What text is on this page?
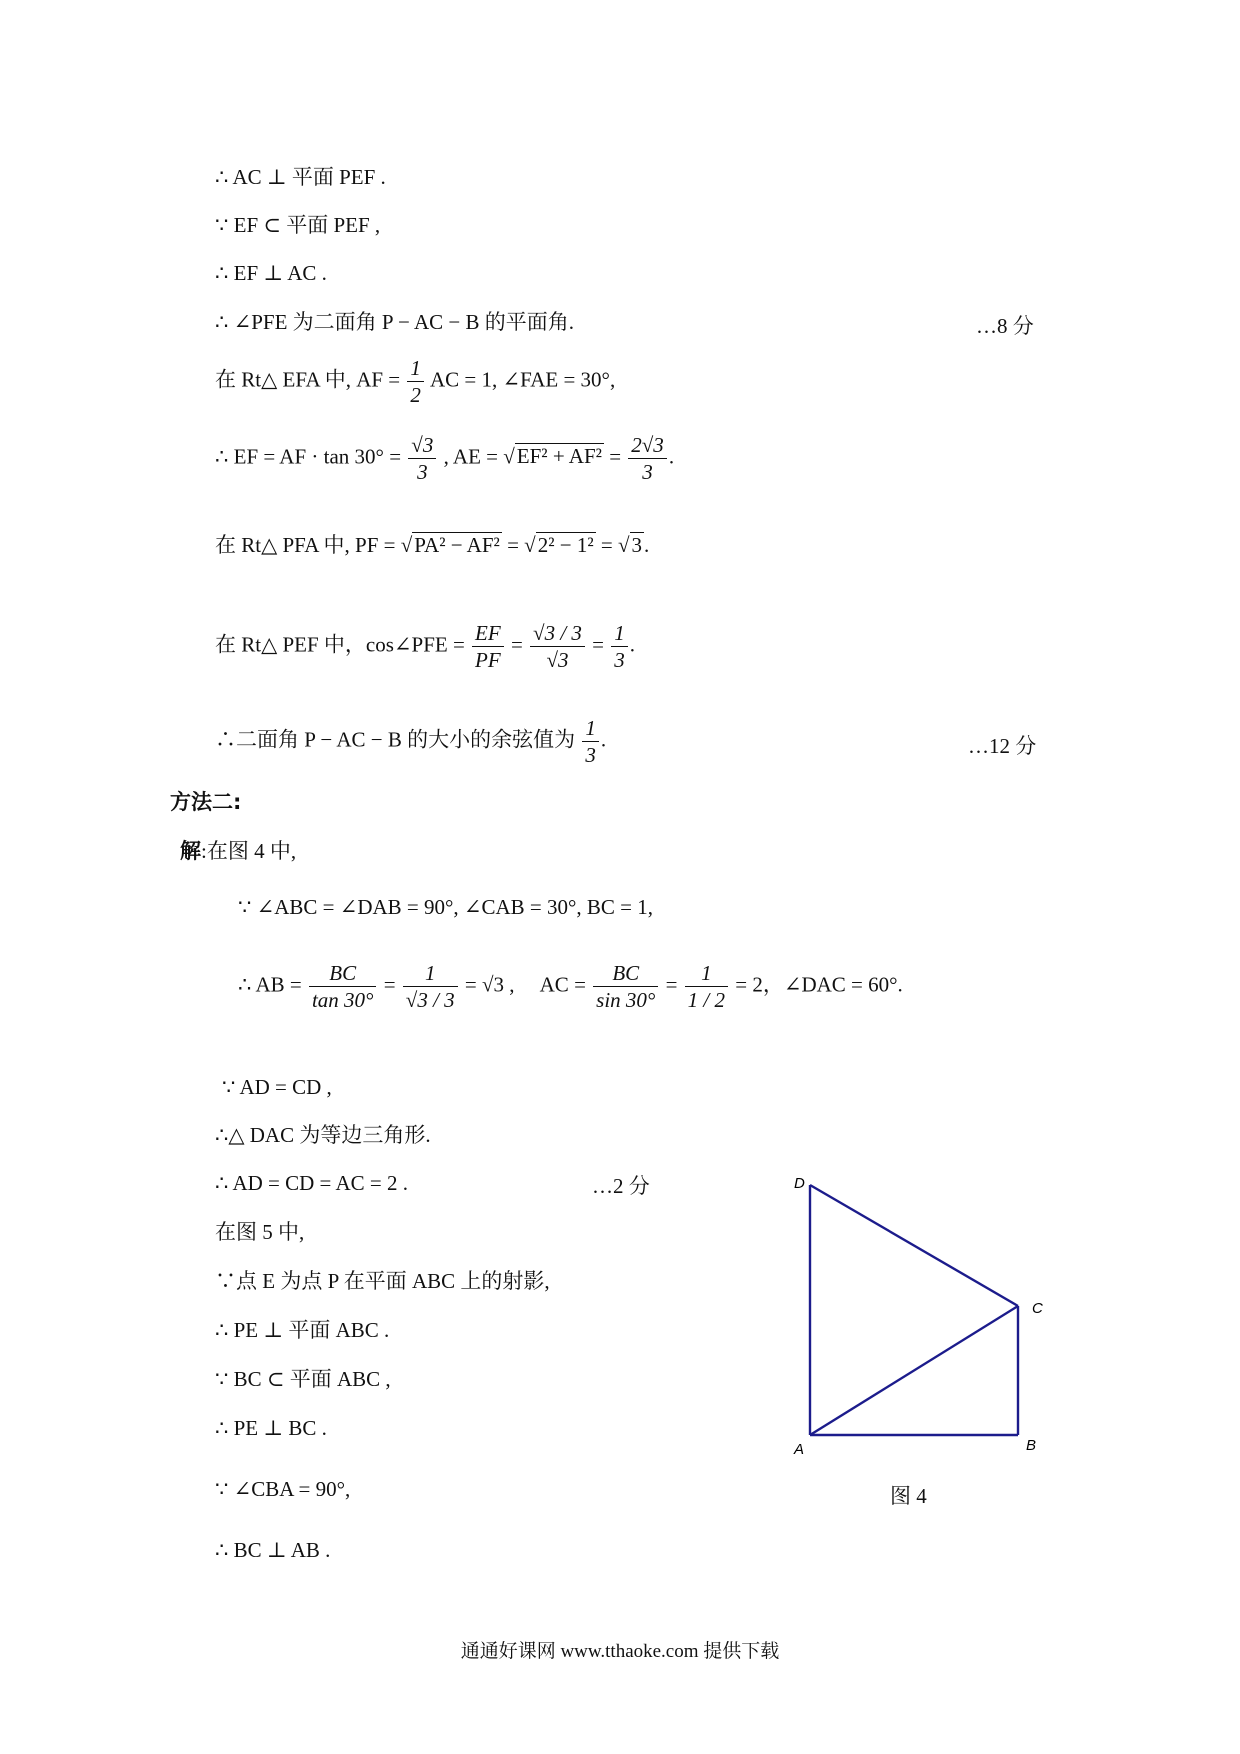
∴ AC ⊥ 平面 PEF .
∵ EF ⊂ 平面 PEF ,
∴ EF ⊥ AC .
∴ ∠PFE 为二面角 P − AC − B 的平面角.	…8 分
在 Rt△ EFA 中, AF = $\frac{1}{2}$ AC = 1, ∠FAE = 30°,
∴ EF = AF · $\tan 30^\circ = \frac{√3}{3}$ , AE = $√EF^2 + AF^2 = \frac{2√3}{3}$ .
在 Rt△ PFA 中, PF = √PA² − AF² = √2² − 1² = √3.
在 Rt△ PEF 中，cos∠PFE = $\frac{EF}{PF} = \frac{√3 / 3}{√3} = \frac{1}{3}$ .
∴二面角 P − AC − B 的大小的余弦值为 $\frac{1}{3}$ .	…12 分
方法二:
解:在图 4 中,
∵ ∠ABC = ∠DAB = 90°, ∠CAB = 30°, BC = 1,
∴ AB = $\frac{BC}{\tan 30^\circ} = \frac{1}{√3 / 3} = √3$ , AC = $\frac{BC}{\sin 30^\circ} = \frac{1}{1 / 2} = 2$，∠DAC = 60°.
∵ AD = CD ,
∴△ DAC 为等边三角形.
∴ AD = CD = AC = 2 .	…2 分
在图 5 中,
∵点 E 为点 P 在平面 ABC 上的射影,
∴ PE ⊥ 平面 ABC .
∵ BC ⊂ 平面 ABC ,
∴ PE ⊥ BC .
∵ ∠CBA = 90°,
∴ BC ⊥ AB .
D
C
A	B
图 4
通通好课网 www.tthaoke.com 提供下载
